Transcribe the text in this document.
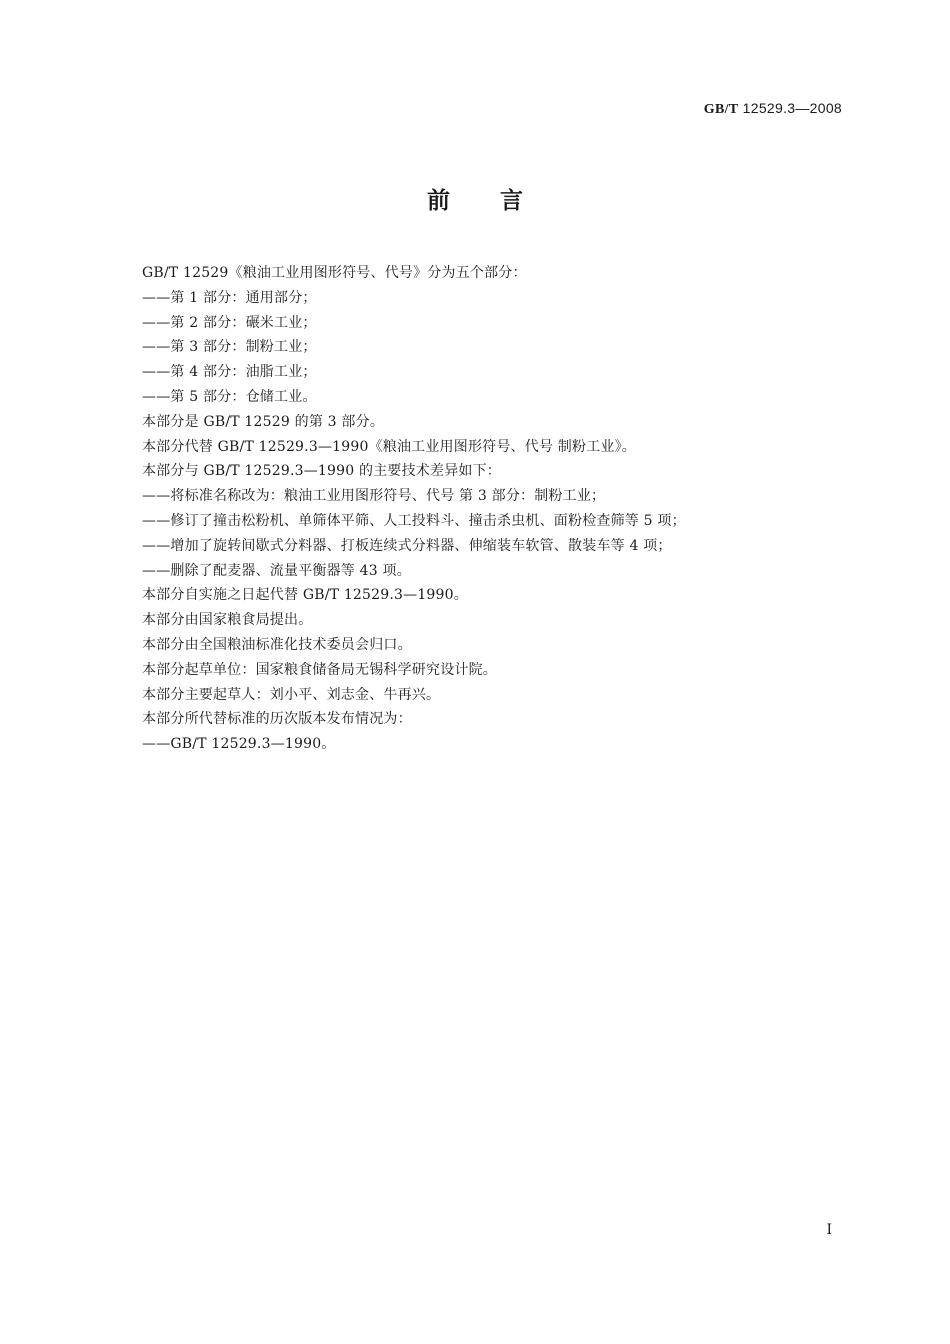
GB/T 12529.3—2008
前言
GB/T 12529《粮油工业用图形符号、代号》分为五个部分：
——第 1 部分：通用部分；
——第 2 部分：碾米工业；
——第 3 部分：制粉工业；
——第 4 部分：油脂工业；
——第 5 部分：仓储工业。
本部分是 GB/T 12529 的第 3 部分。
本部分代替 GB/T 12529.3—1990《粮油工业用图形符号、代号 制粉工业》。
本部分与 GB/T 12529.3—1990 的主要技术差异如下：
——将标准名称改为：粮油工业用图形符号、代号 第 3 部分：制粉工业；
——修订了撞击松粉机、单筛体平筛、人工投料斗、撞击杀虫机、面粉检查筛等 5 项；
——增加了旋转间歇式分料器、打板连续式分料器、伸缩装车软管、散装车等 4 项；
——删除了配麦器、流量平衡器等 43 项。
本部分自实施之日起代替 GB/T 12529.3—1990。
本部分由国家粮食局提出。
本部分由全国粮油标准化技术委员会归口。
本部分起草单位：国家粮食储备局无锡科学研究设计院。
本部分主要起草人：刘小平、刘志金、牛再兴。
本部分所代替标准的历次版本发布情况为：
——GB/T 12529.3—1990。
I
